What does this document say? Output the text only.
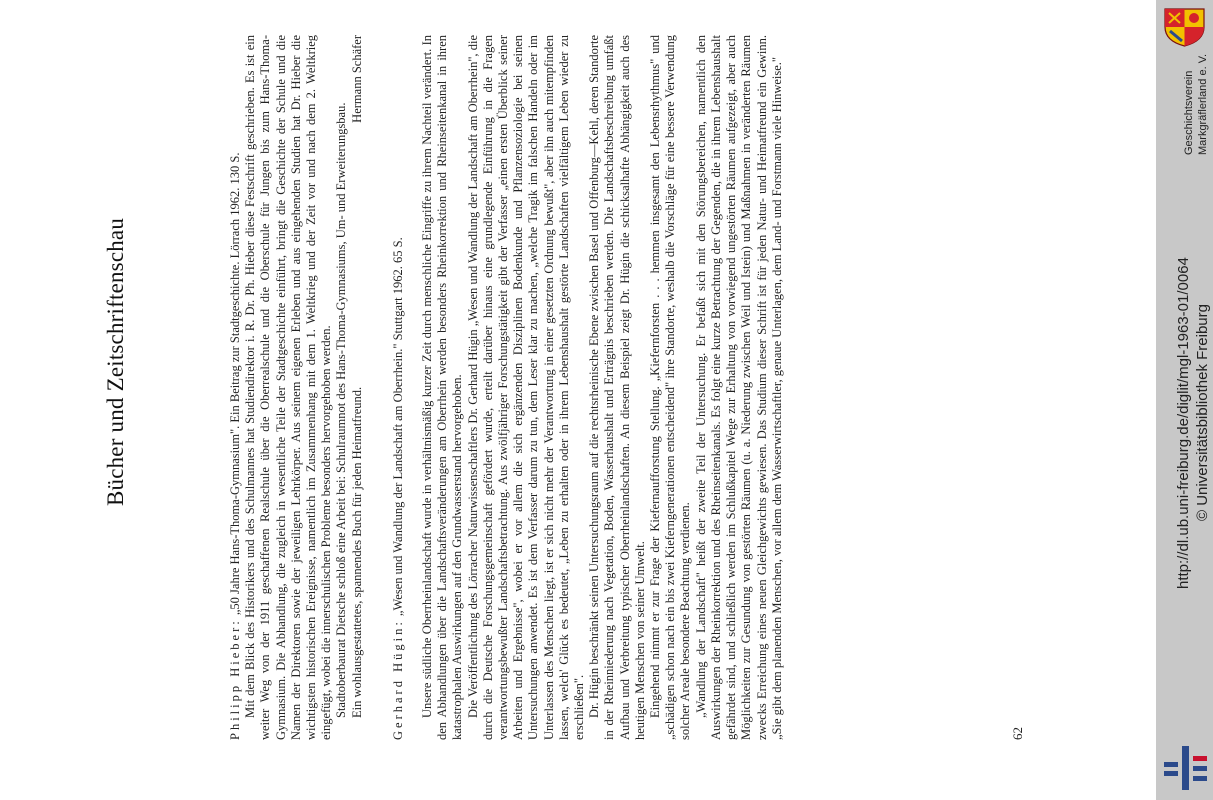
Bücher und Zeitschriftenschau

Philipp Hieber: „50 Jahre Hans-Thoma-Gymnasium". Ein Beitrag zur Stadtgeschichte. Lörrach 1962. 130 S. Mit dem Blick des Historikers und des Schulmannes hat Studiendirektor i. R. Dr. Ph. Hieber diese Festschrift geschrieben. Es ist ein weiter Weg von der 1911 geschaffenen Realschule über die Oberrealschule und die Oberschule für Jungen bis zum Hans-Thoma-Gymnasium. Die Abhandlung, die zugleich in wesentliche Teile der Stadtgeschichte einführt, bringt die Geschichte der Schule und die Namen der Direktoren sowie der jeweiligen Lehrkörper. Aus seinem eigenen Erleben und aus eingehenden Studien hat Dr. Hieber die wichtigsten historischen Ereignisse, namentlich im Zusammenhang mit dem 1. Weltkrieg und der Zeit vor und nach dem 2. Weltkrieg eingefügt, wobei die innerschulischen Probleme besonders hervorgehoben werden. Stadtoberbaurat Dietsche schloß eine Arbeit bei: Schulraumnot des Hans-Thoma-Gymnasiums, Um- und Erweiterungsbau. Ein wohlausgestattetes, spannendes Buch für jeden Heimatfreund.
Hermann Schäfer

Gerhard Hügin: „Wesen und Wandlung der Landschaft am Oberrhein." Stuttgart 1962. 65 S. Unsere südliche Oberrheinlandschaft wurde in verhältnismäßig kurzer Zeit durch menschliche Eingriffe zu ihrem Nachteil verändert. In den Abhandlungen über die Landschaftsveränderungen am Oberrhein werden besonders Rheinkorrektion und Rheinseitenkanal in ihren katastrophalen Auswirkungen auf den Grundwasserstand hervorgehoben. Die Veröffentlichung des Lörracher Naturwissenschaftlers Dr. Gerhard Hügin „Wesen und Wandlung der Landschaft am Oberrhein", die durch die Deutsche Forschungsgemeinschaft gefördert wurde, erteilt darüber hinaus eine grundlegende Einführung in die Fragen verantwortungsbewußter Landschaftsbetrachtung. Aus zwölfjähriger Forschungstätigkeit gibt der Verfasser „einen ersten Überblick seiner Arbeiten und Ergebnisse", wobei er vor allem die sich ergänzenden Disziplinen Bodenkunde und Pflanzensoziologie bei seinen Untersuchungen anwendet. Es ist dem Verfasser darum zu tun, dem Leser klar zu machen, „welche Tragik im falschen Handeln oder im Unterlassen des Menschen liegt, ist er sich nicht mehr der Verantwortung in einer gesetzten Ordnung bewußt", aber ihn auch mitempfinden lassen, welch' Glück es bedeutet, „Leben zu erhalten oder in ihrem Lebenshaushalt gestörte Landschaften vielfältigem Leben wieder zu erschließen". Dr. Hügin beschränkt seinen Untersuchungsraum auf die rechtsrheinische Ebene zwischen Basel und Offenburg—Kehl, deren Standorte in der Rheinniederung nach Vegetation, Boden, Wasserhaushalt und Erträgnis beschrieben werden. Die Landschaftsbeschreibung umfaßt Aufbau und Verbreitung typischer Oberrheinlandschaften. An diesem Beispiel zeigt Dr. Hügin die schicksalhafte Abhängigkeit auch des heutigen Menschen von seiner Umwelt. Eingehend nimmt er zur Frage der Kiefernaufforstung Stellung. „Kiefernforsten . . . hemmen insgesamt den Lebensrhythmus" und „schädigen schon nach ein bis zwei Kieferngenerationen entscheidend" ihre Standorte, weshalb die Vorschläge für eine bessere Verwendung solcher Areale besondere Beachtung verdienen. „Wandlung der Landschaft" heißt der zweite Teil der Untersuchung. Er befaßt sich mit den Störungsbereichen, namentlich den Auswirkungen der Rheinkorrektion und des Rheinseitenkanals. Es folgt eine kurze Betrachtung der Gegenden, die in ihrem Lebenshaushalt gefährdet sind, und schließlich werden im Schlußkapitel Wege zur Erhaltung von vorwiegend ungestörten Räumen aufgezeigt, aber auch Möglichkeiten zur Gesundung von gestörten Räumen (u. a. Niederung zwischen Weil und Istein) und Maßnahmen in veränderten Räumen zwecks Erreichung eines neuen Gleichgewichts gewiesen. Das Studium dieser Schrift ist für jeden Natur- und Heimatfreund ein Gewinn. „Sie gibt dem planenden Menschen, vor allem dem Wasserwirtschaftler, genaue Unterlagen, dem Land- und Forstmann viele Hinweise."	62
Geschichtsverein Markgräflerland e. V.
http://dl.ub.uni-freiburg.de/diglit/mgl-1963-01/0064 © Universitätsbibliothek Freiburg
